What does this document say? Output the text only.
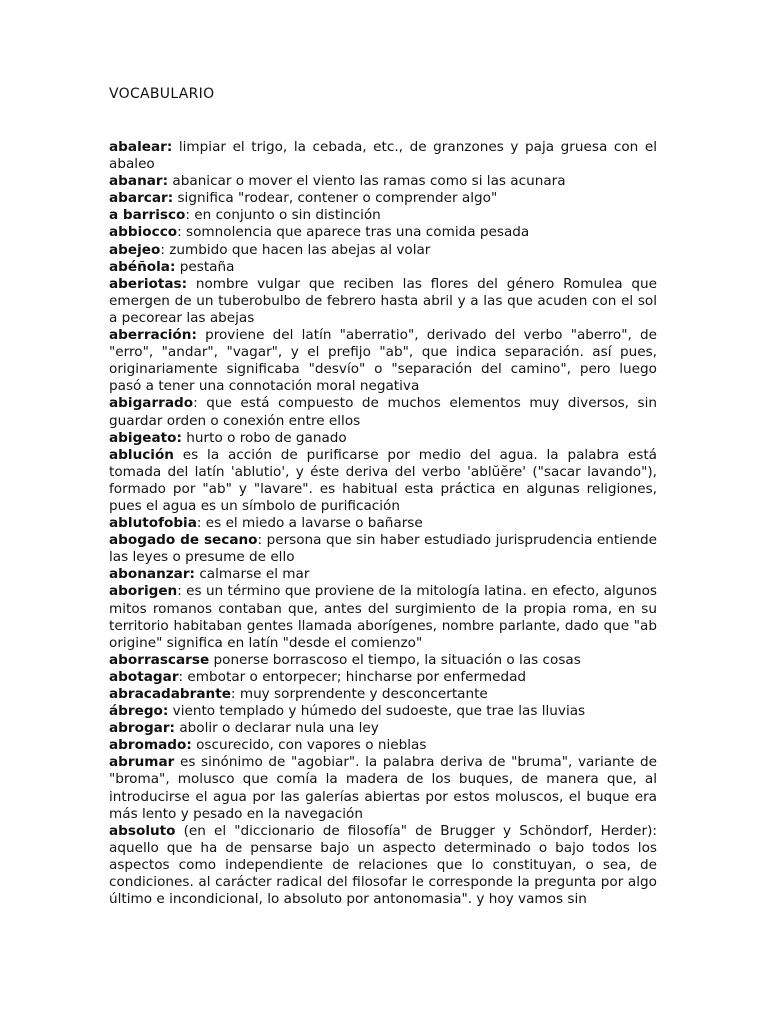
VOCABULARIO

abalear: limpiar el trigo, la cebada, etc., de granzones y paja gruesa con el abaleo

abanar: abanicar o mover el viento las ramas como si las acunara

abarcar: significa "rodear, contener o comprender algo"

a barrisco: en conjunto o sin distinción

abbiocco: somnolencia que aparece tras una comida pesada

abejeo: zumbido que hacen las abejas al volar

abéñola: pestaña

aberiotas: nombre vulgar que reciben las flores del género Romulea que emergen de un tuberobulbo de febrero hasta abril y a las que acuden con el sol a pecorear las abejas

aberración: proviene del latín "aberratio", derivado del verbo "aberro", de "erro", "andar", "vagar", y el prefijo "ab", que indica separación. así pues, originariamente significaba "desvío" o "separación del camino", pero luego pasó a tener una connotación moral negativa

abigarrado: que está compuesto de muchos elementos muy diversos, sin guardar orden o conexión entre ellos

abigeato: hurto o robo de ganado

ablución es la acción de purificarse por medio del agua. la palabra está tomada del latín 'ablutio', y éste deriva del verbo 'ablŭĕre' ("sacar lavando"), formado por "ab" y "lavare". es habitual esta práctica en algunas religiones, pues el agua es un símbolo de purificación

ablutofobia: es el miedo a lavarse o bañarse

abogado de secano: persona que sin haber estudiado jurisprudencia entiende las leyes o presume de ello

abonanzar: calmarse el mar

aborigen: es un término que proviene de la mitología latina. en efecto, algunos mitos romanos contaban que, antes del surgimiento de la propia roma, en su territorio habitaban gentes llamada aborígenes, nombre parlante, dado que "ab origine" significa en latín "desde el comienzo"

aborrascarse ponerse borrascoso el tiempo, la situación o las cosas

abotagar: embotar o entorpecer; hincharse por enfermedad

abracadabrante: muy sorprendente y desconcertante

ábrego: viento templado y húmedo del sudoeste, que trae las lluvias

abrogar: abolir o declarar nula una ley

abromado: oscurecido, con vapores o nieblas

abrumar es sinónimo de "agobiar". la palabra deriva de "bruma", variante de "broma", molusco que comía la madera de los buques, de manera que, al introducirse el agua por las galerías abiertas por estos moluscos, el buque era más lento y pesado en la navegación

absoluto (en el "diccionario de filosofía" de Brugger y Schöndorf, Herder): aquello que ha de pensarse bajo un aspecto determinado o bajo todos los aspectos como independiente de relaciones que lo constituyan, o sea, de condiciones. al carácter radical del filosofar le corresponde la pregunta por algo último e incondicional, lo absoluto por antonomasia". y hoy vamos sin
